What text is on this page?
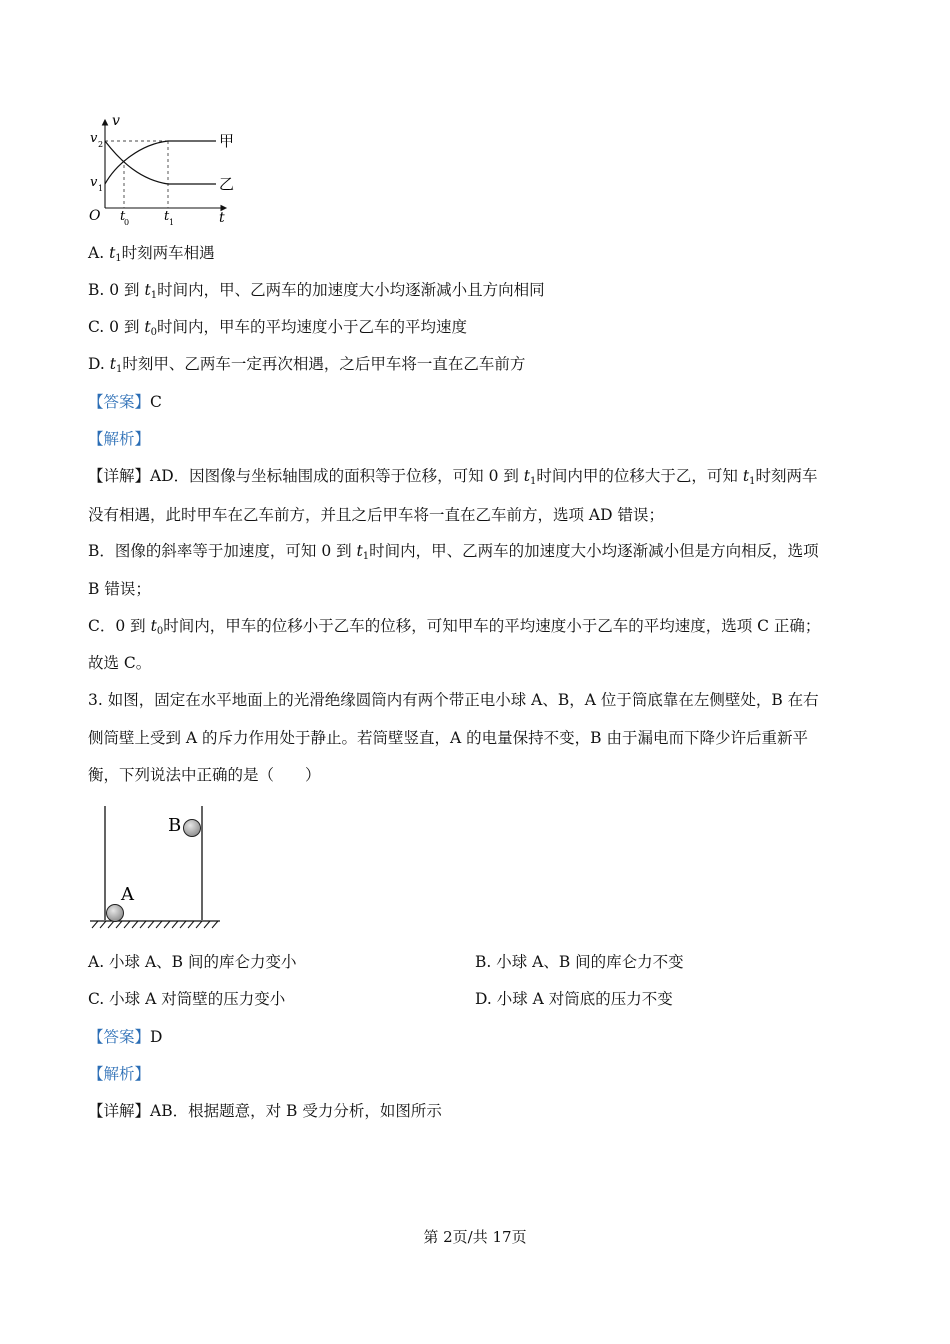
v
t
O
v 2
v 1
t
0	t 1
甲
乙
A. $t_1$时刻两车相遇
B. 0 到 $t_1$时间内，甲、乙两车的加速度大小均逐渐减小且方向相同
C. 0 到 $t_0$时间内，甲车的平均速度小于乙车的平均速度
D. $t_1$时刻甲、乙两车一定再次相遇，之后甲车将一直在乙车前方
【答案】C
【解析】
【详解】AD．因图像与坐标轴围成的面积等于位移，可知 0 到 $t_1$时间内甲的位移大于乙，可知 $t_1$时刻两车
没有相遇，此时甲车在乙车前方，并且之后甲车将一直在乙车前方，选项 AD 错误；
B．图像的斜率等于加速度，可知 0 到 $t_1$时间内，甲、乙两车的加速度大小均逐渐减小但是方向相反，选项
B 错误；
C．0 到 $t_0$时间内，甲车的位移小于乙车的位移，可知甲车的平均速度小于乙车的平均速度，选项 C 正确；
故选 C。
3. 如图，固定在水平地面上的光滑绝缘圆筒内有两个带正电小球 A、B，A 位于筒底靠在左侧壁处，B 在右
侧筒壁上受到 A 的斥力作用处于静止。若筒壁竖直，A 的电量保持不变，B 由于漏电而下降少许后重新平
衡，下列说法中正确的是（　　）
A
B
A. 小球 A、B 间的库仑力变小	B. 小球 A、B 间的库仑力不变
C. 小球 A 对筒壁的压力变小	D. 小球 A 对筒底的压力不变
【答案】D
【解析】
【详解】AB．根据题意，对 B 受力分析，如图所示
第 2页/共 17页
